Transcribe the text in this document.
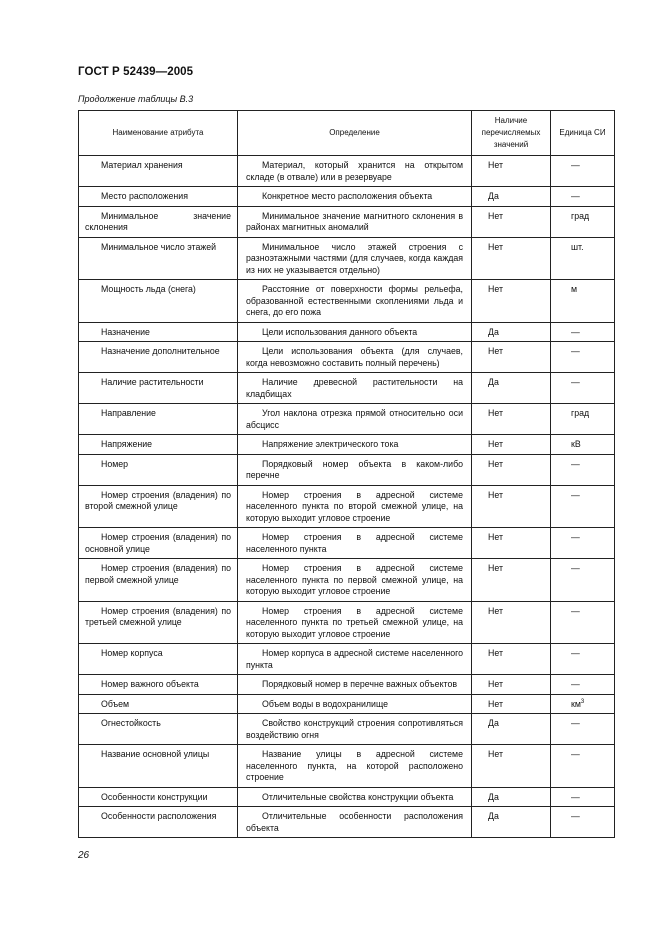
ГОСТ Р 52439—2005
Продолжение таблицы В.3
Наименование атрибута	Определение	Наличие перечисляемых значений	Единица СИ

Материал хранения	Материал, который хранится на открытом складе (в отвале) или в резервуаре	Нет	—

Место расположения	Конкретное место расположения объекта	Да	—

Минимальное значение склонения	Минимальное значение магнитного склонения в районах магнитных аномалий	Нет	град

Минимальное число этажей	Минимальное число этажей строения с разноэтажными частями (для случаев, когда каждая из них не указывается отдельно)	Нет	шт.

Мощность льда (снега)	Расстояние от поверхности формы рельефа, образованной естественными скоплениями льда и снега, до его пожа	Нет	м

Назначение	Цели использования данного объекта	Да	—

Назначение дополнительное	Цели использования объекта (для случаев, когда невозможно составить полный перечень)	Нет	—

Наличие растительности	Наличие древесной растительности на кладбищах	Да	—

Направление	Угол наклона отрезка прямой относительно оси абсцисс	Нет	град

Напряжение	Напряжение электрического тока	Нет	кВ

Номер	Порядковый номер объекта в каком-либо перечне	Нет	—

Номер строения (владения) по второй смежной улице	Номер строения в адресной системе населенного пункта по второй смежной улице, на которую выходит угловое строение	Нет	—

Номер строения (владения) по основной улице	Номер строения в адресной системе населенного пункта	Нет	—

Номер строения (владения) по первой смежной улице	Номер строения в адресной системе населенного пункта по первой смежной улице, на которую выходит угловое строение	Нет	—

Номер строения (владения) по третьей смежной улице	Номер строения в адресной системе населенного пункта по третьей смежной улице, на которую выходит угловое строение	Нет	—

Номер корпуса	Номер корпуса в адресной системе населенного пункта	Нет	—

Номер важного объекта	Порядковый номер в перечне важных объектов	Нет	—

Объем	Объем воды в водохранилище	Нет	$км^3$

Огнестойкость	Свойство конструкций строения сопротивляться воздействию огня	Да	—

Название основной улицы	Название улицы в адресной системе населенного пункта, на которой расположено строение	Нет	—

Особенности конструкции	Отличительные свойства конструкции объекта	Да	—

Особенности расположения	Отличительные особенности расположения объекта	Да	—
26
